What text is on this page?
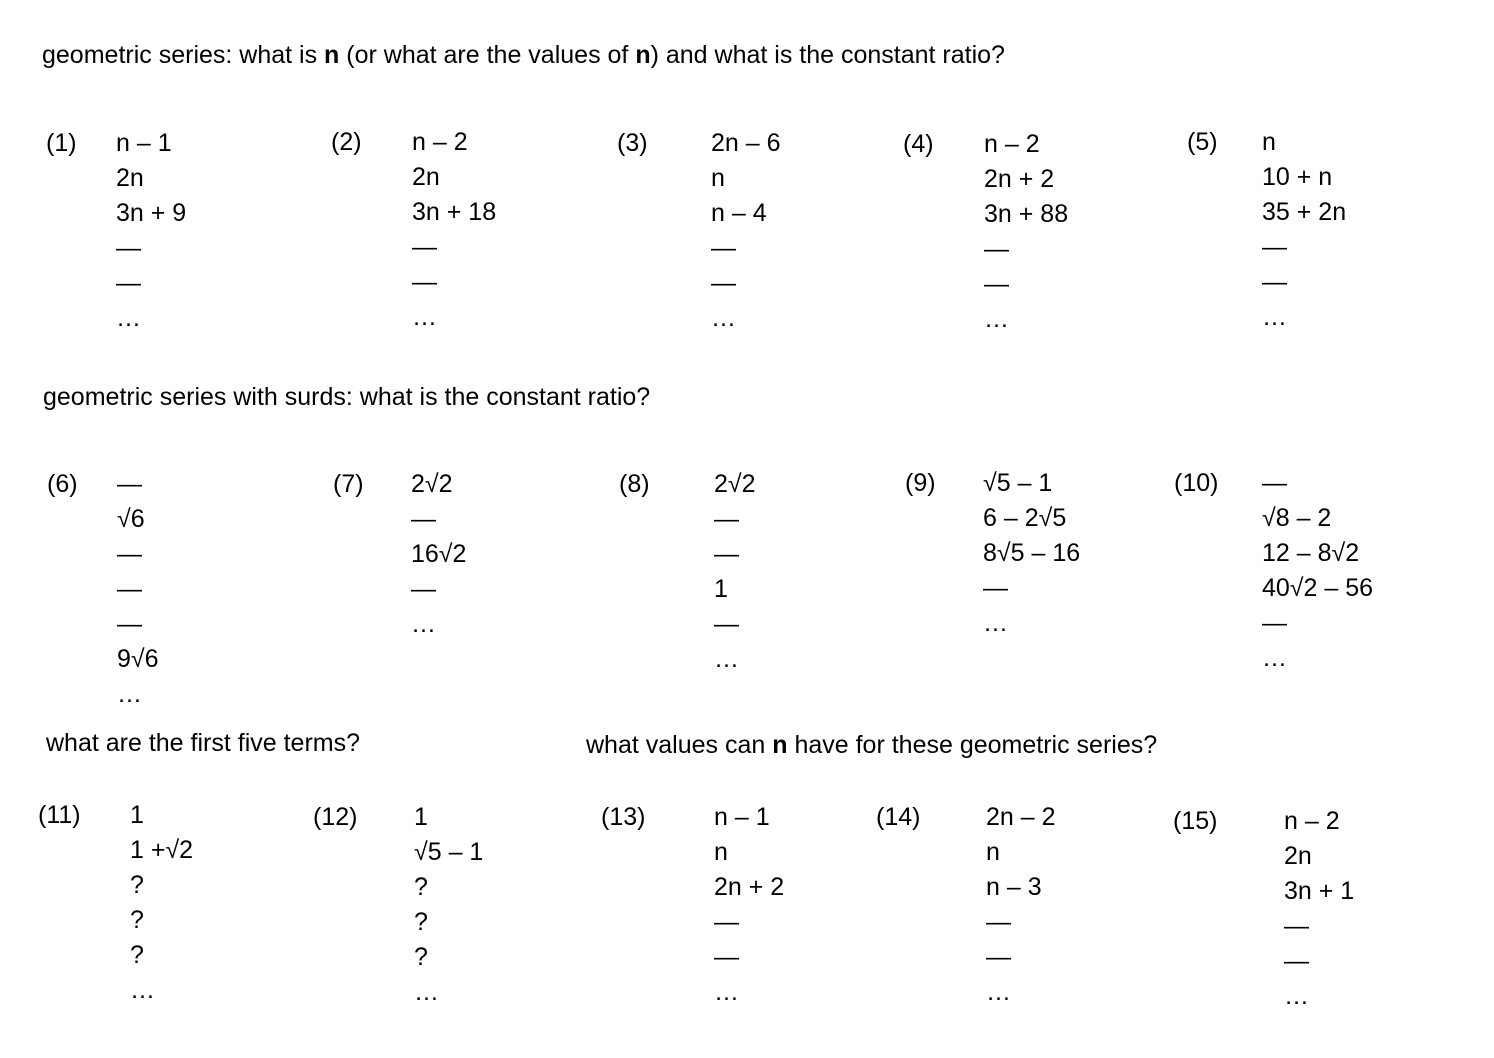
geometric series: what is n (or what are the values of n) and what is the constant ratio?
geometric series with surds: what is the constant ratio?
what are the first five terms?	what values can n have for these geometric series?
(1) n – 1
2n
3n + 9
—
—
…
(2) n – 2
2n
3n + 18
—
—
…
(3)	2n – 6
n
n – 4
—
—
…
(4) n – 2
2n + 2
3n + 88
—
—
…
(5) n
10 + n
35 + 2n
—
—
…
(6) —
√6
—
—
—
9√6
…
(7) 2√2
—
16√2
—
…
(8)	2√2
—
—
1
—
…
(9) √5 – 1
6 – 2√5
8√5 – 16
—
…
(10) —
√8 – 2
12 – 8√2
40√2 – 56
—
…
(11) 1
1 +√2
?
?
?
…
(12) 1
√5 – 1
?
?
?
…
(13)	n – 1
n
2n + 2
—
—
…
(14)	2n – 2
n
n – 3
—
—
…
(15)	n – 2
2n
3n + 1
—
—
…
